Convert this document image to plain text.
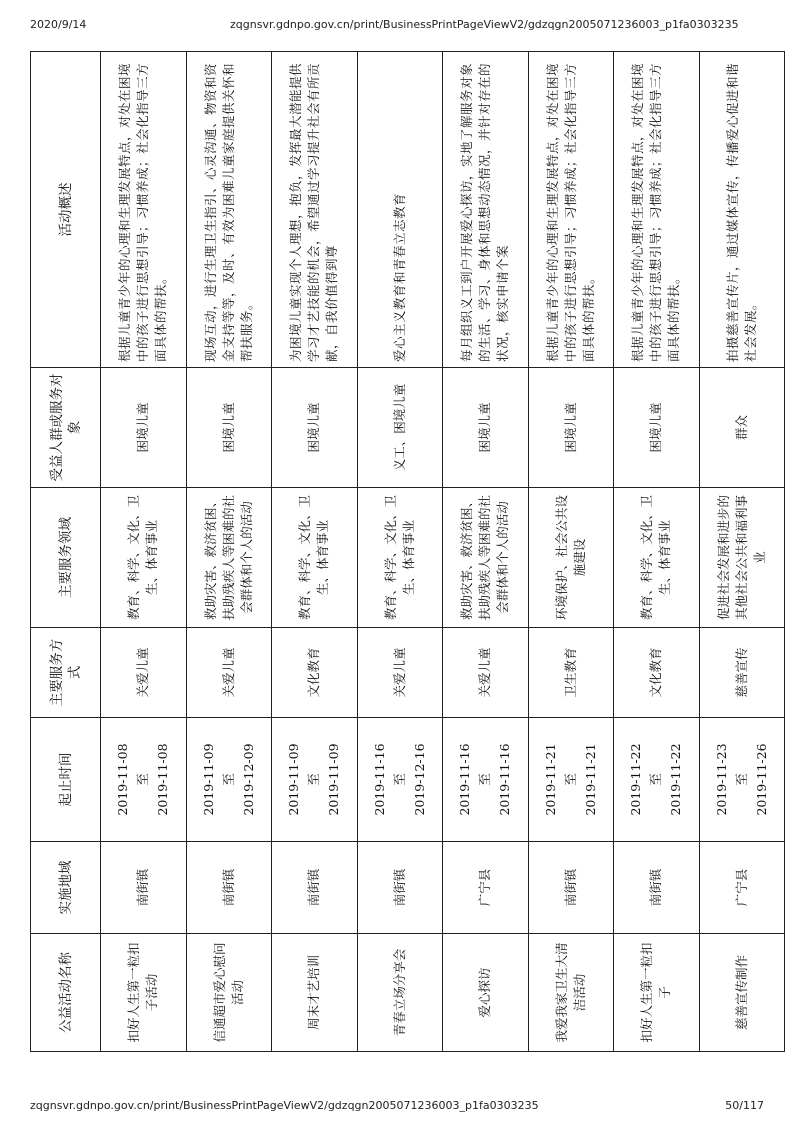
2020/9/14	zqgnsvr.gdnpo.gov.cn/print/BusinessPrintPageViewV2/gdzqgn2005071236003_p1fa0303235
公益活动名称	实施地域	起止时间	主要服务方式	主要服务领域	受益人群或服务对象	活动概述
扣好人生第一粒扣子活动	南街镇	2019-11-08 至 2019-11-08	关爱儿童	教育、科学、文化、卫生、体育事业	困境儿童	根据儿童青少年的心理和生理发展特点，对处在困境中的孩子进行思想引导；习惯养成；社会化指导三方面具体的帮扶。
信通超市爱心慰问活动	南街镇	2019-11-09 至 2019-12-09	关爱儿童	救助灾害、救济贫困、扶助残疾人等困难的社会群体和个人的活动	困境儿童	现场互动，进行生理卫生指引、心灵沟通、物资和资金支持等等，及时、有效为困难儿童家庭提供关怀和帮扶服务。
周末才艺培训	南街镇	2019-11-09 至 2019-11-09	文化教育	教育、科学、文化、卫生、体育事业	困境儿童	为困境儿童实现个人理想，抱负，发挥最大潜能提供学习才艺技能的机会，希望通过学习提升社会有所贡献，自我价值得到尊
青春立场分享会	南街镇	2019-11-16 至 2019-12-16	关爱儿童	教育、科学、文化、卫生、体育事业	义工、困境儿童	爱心主义教育和青春立志教育
爱心探访	广宁县	2019-11-16 至 2019-11-16	关爱儿童	救助灾害、救济贫困、扶助残疾人等困难的社会群体和个人的活动	困境儿童	每月组织义工到户开展爱心探访，实地了解服务对象的生活、学习、身体和思想动态情况，并针对存在的状况，核实申请个案
我爱我家卫生大清洁活动	南街镇	2019-11-21 至 2019-11-21	卫生教育	环境保护、社会公共设施建设	困境儿童	根据儿童青少年的心理和生理发展特点，对处在困境中的孩子进行思想引导；习惯养成；社会化指导三方面具体的帮扶。
扣好人生第一粒扣子	南街镇	2019-11-22 至 2019-11-22	文化教育	教育、科学、文化、卫生、体育事业	困境儿童	根据儿童青少年的心理和生理发展特点，对处在困境中的孩子进行思想引导；习惯养成；社会化指导三方面具体的帮扶。
慈善宣传制作	广宁县	2019-11-23 至 2019-11-26	慈善宣传	促进社会发展和进步的其他社会公共和福利事业	群众	拍摄慈善宣传片，通过媒体宣传，传播爱心促进和谐社会发展。
zqgnsvr.gdnpo.gov.cn/print/BusinessPrintPageViewV2/gdzqgn2005071236003_p1fa0303235	50/117
